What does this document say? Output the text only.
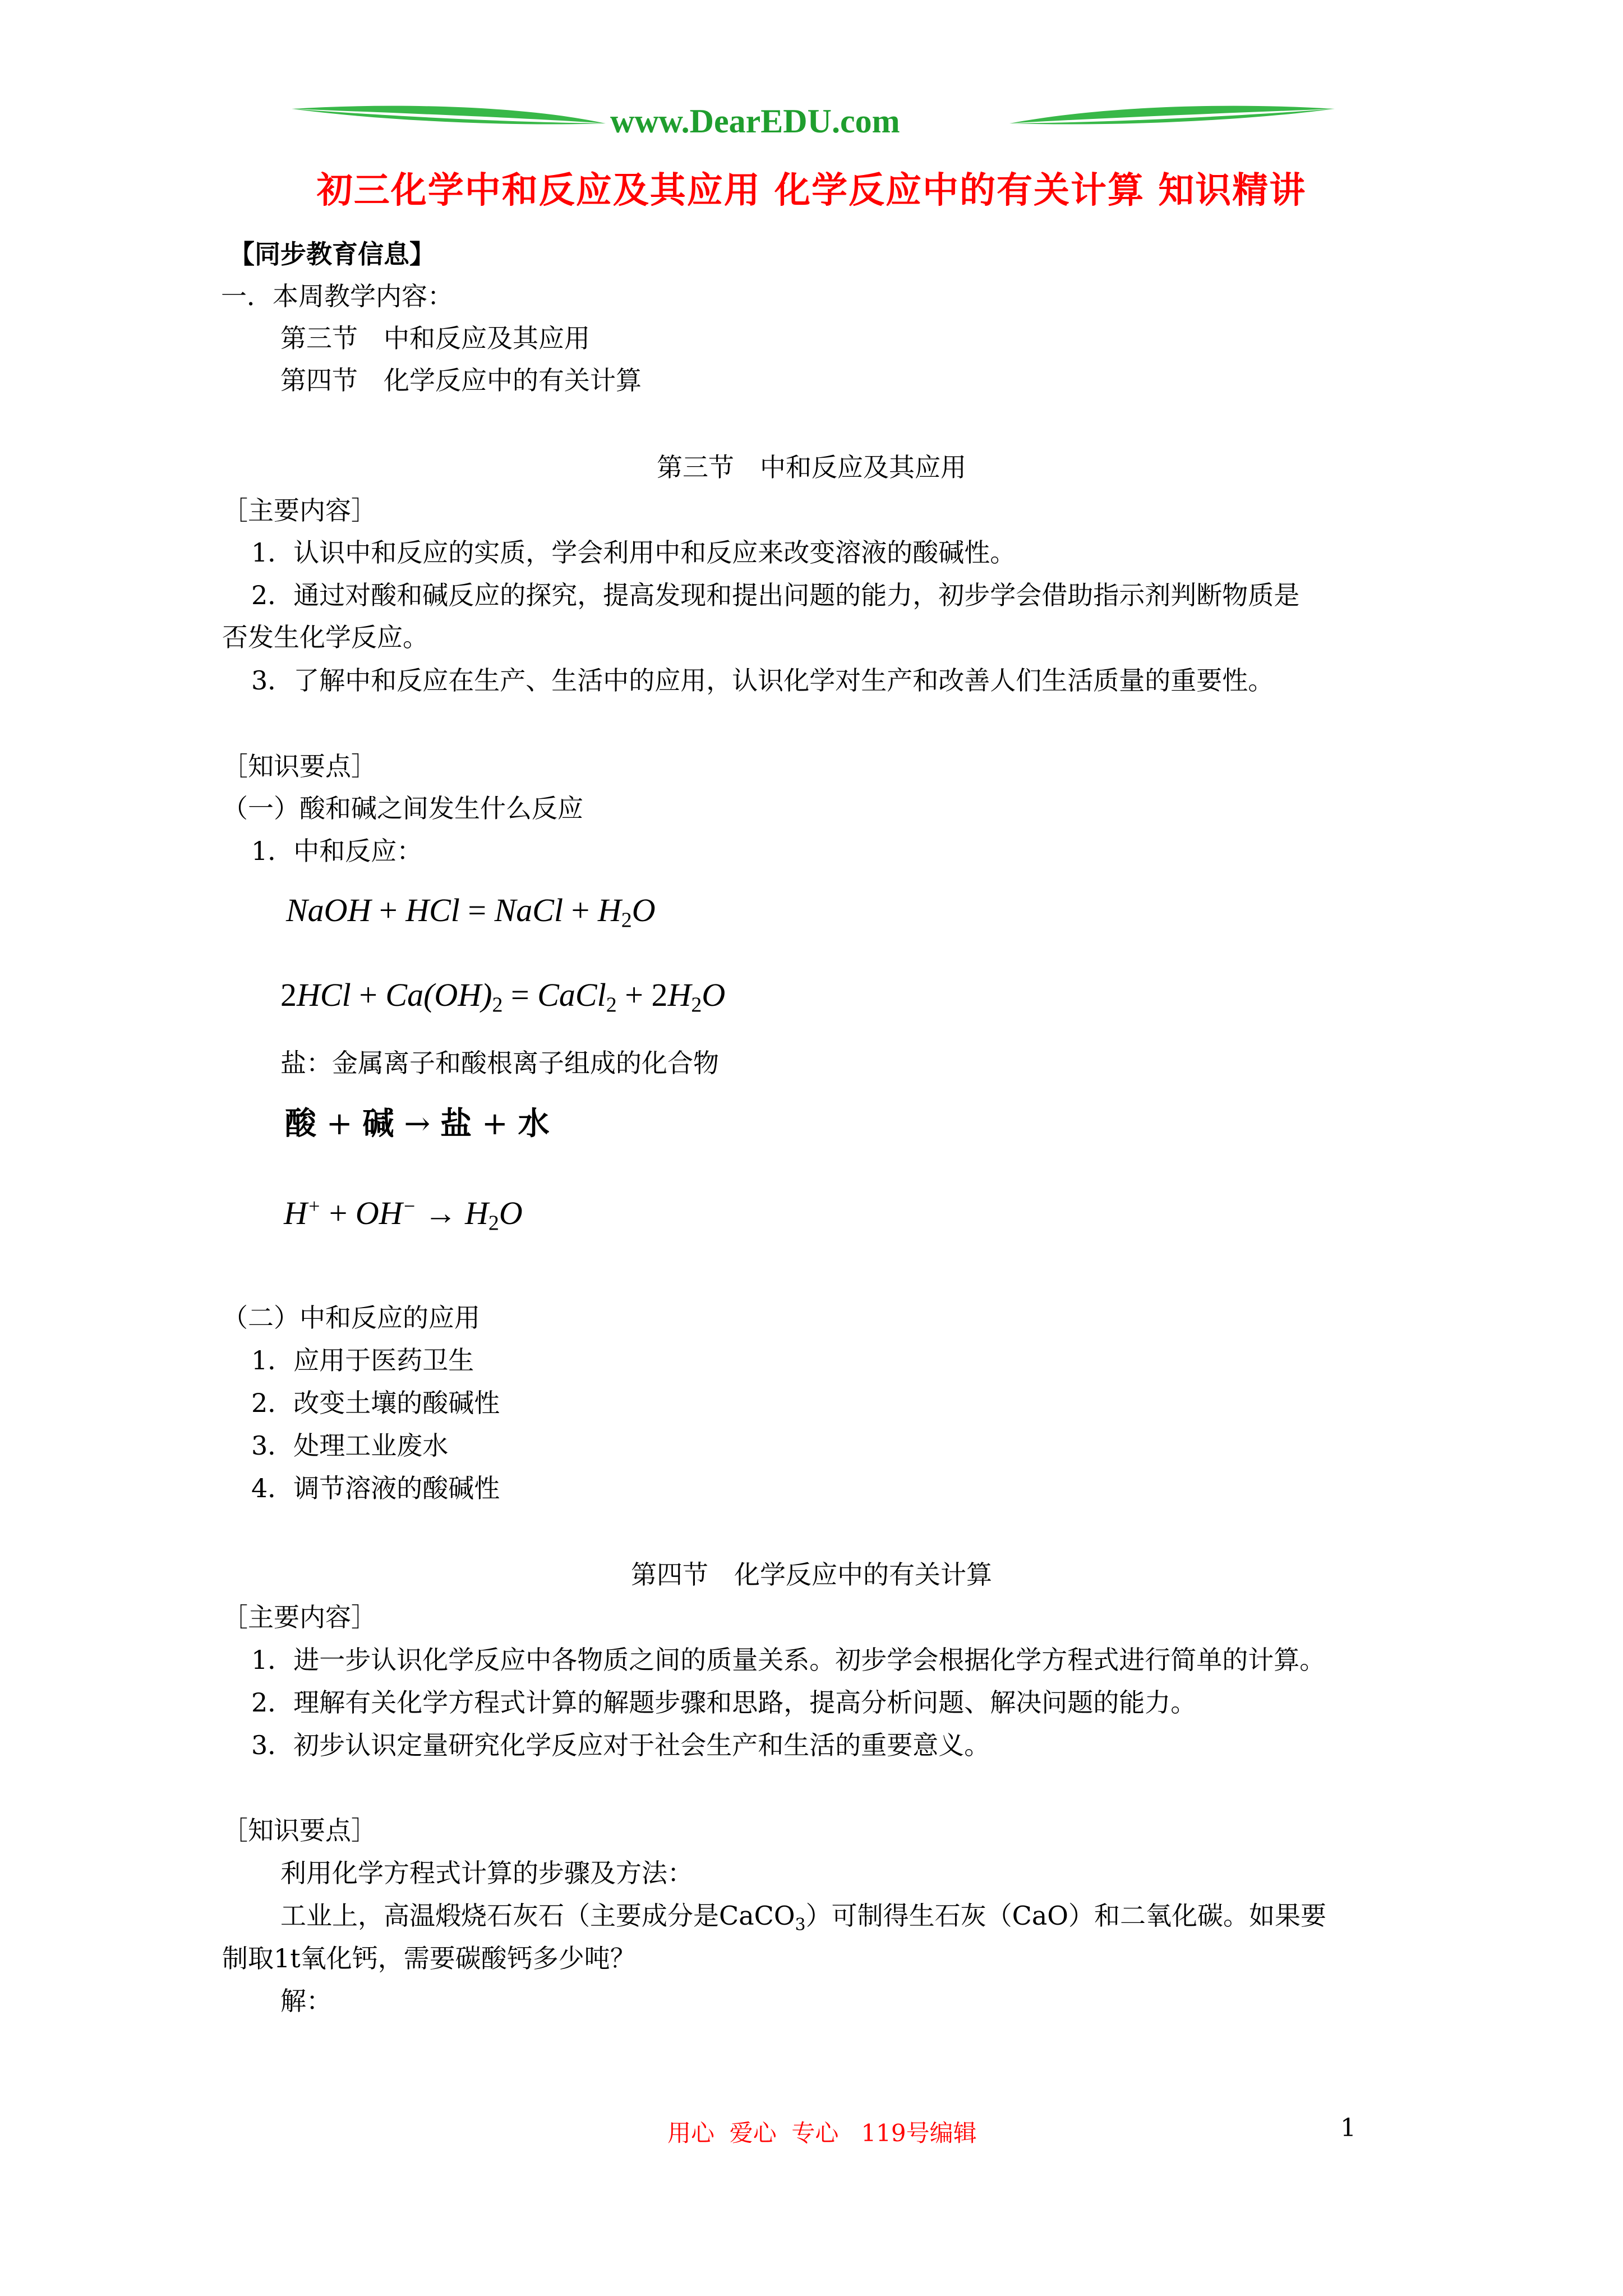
www.DearEDU.com
初三化学中和反应及其应用 化学反应中的有关计算 知识精讲
【同步教育信息】
一．本周教学内容：
第三节　中和反应及其应用
第四节　化学反应中的有关计算
第三节　中和反应及其应用
［主要内容］
1．认识中和反应的实质，学会利用中和反应来改变溶液的酸碱性。
2．通过对酸和碱反应的探究，提高发现和提出问题的能力，初步学会借助指示剂判断物质是
否发生化学反应。
3．了解中和反应在生产、生活中的应用，认识化学对生产和改善人们生活质量的重要性。
［知识要点］
（一）酸和碱之间发生什么反应
1．中和反应：
NaOH + HCl = NaCl + $H_2O$
$2HCl + Ca(OH)_2$ = CaCl$_2$ + $2H_2O$
盐：金属离子和酸根离子组成的化合物
酸 + 碱 → 盐 + 水
$H^+ + OH^- \to H_2O$
（二）中和反应的应用
1．应用于医药卫生
2．改变土壤的酸碱性
3．处理工业废水
4．调节溶液的酸碱性
第四节　化学反应中的有关计算
［主要内容］
1．进一步认识化学反应中各物质之间的质量关系。初步学会根据化学方程式进行简单的计算。
2．理解有关化学方程式计算的解题步骤和思路，提高分析问题、解决问题的能力。
3．初步认识定量研究化学反应对于社会生产和生活的重要意义。
［知识要点］
利用化学方程式计算的步骤及方法：
工业上，高温煅烧石灰石（主要成分是CaCO$_3$）可制得生石灰（CaO）和二氧化碳。如果要
制取1t氧化钙，需要碳酸钙多少吨？
解：
用心  爱心  专心   119号编辑	1
